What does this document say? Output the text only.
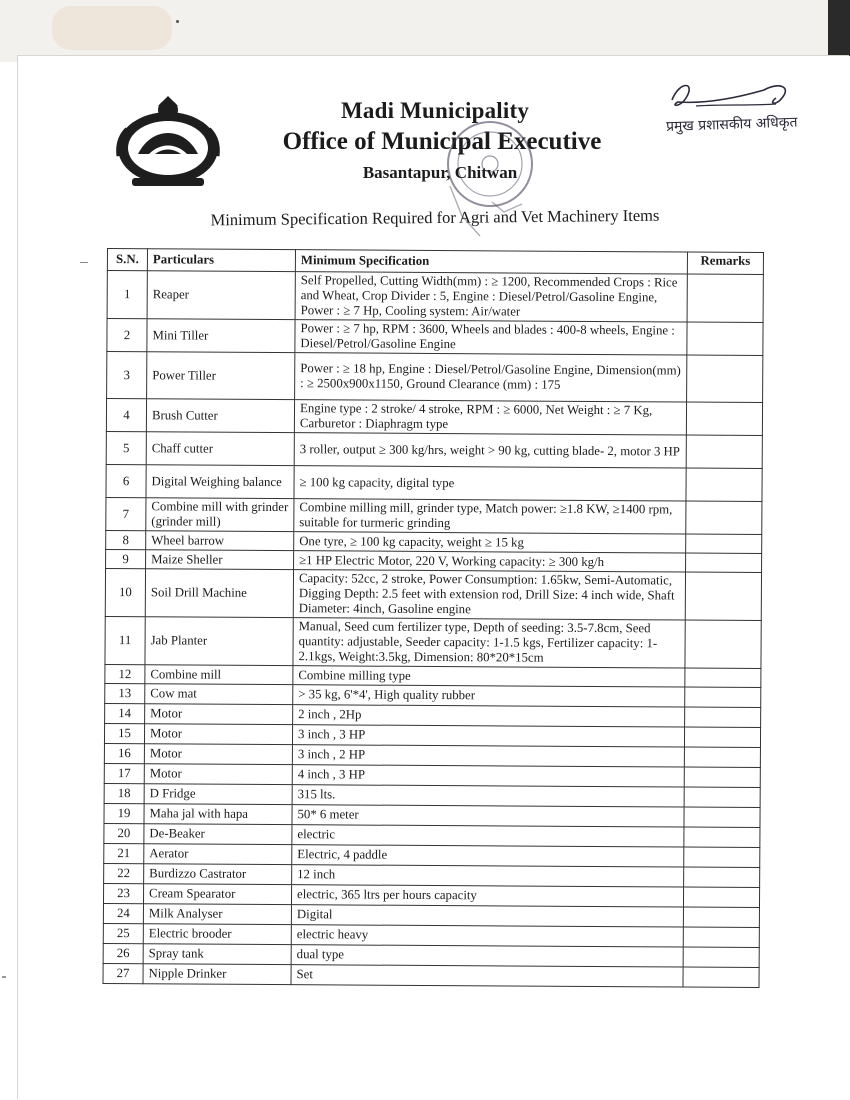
Madi Municipality
Office of Municipal Executive
Basantapur, Chitwan
Minimum Specification Required for Agri and Vet Machinery Items
प्रमुख प्रशासकीय अधिकृत
S.N.	Particulars	Minimum Specification	Remarks
1	Reaper	Self Propelled, Cutting Width(mm) : ≥ 1200, Recommended Crops : Rice and Wheat, Crop Divider : 5, Engine : Diesel/Petrol/Gasoline Engine, Power : ≥ 7 Hp, Cooling system: Air/water	
2	Mini Tiller	Power : ≥ 7 hp, RPM : 3600, Wheels and blades : 400-8 wheels, Engine : Diesel/Petrol/Gasoline Engine	
3	Power Tiller	Power : ≥ 18 hp, Engine : Diesel/Petrol/Gasoline Engine, Dimension(mm) : ≥ 2500x900x1150, Ground Clearance (mm) : 175	
4	Brush Cutter	Engine type : 2 stroke/ 4 stroke, RPM : ≥ 6000, Net Weight : ≥ 7 Kg, Carburetor : Diaphragm type	
5	Chaff cutter	3 roller, output ≥ 300 kg/hrs, weight > 90 kg, cutting blade- 2, motor 3 HP	
6	Digital Weighing balance	≥ 100 kg capacity, digital type	
7	Combine mill with grinder (grinder mill)	Combine milling mill, grinder type, Match power: ≥1.8 KW, ≥1400 rpm, suitable for turmeric grinding	
8	Wheel barrow	One tyre, ≥ 100 kg capacity, weight ≥ 15 kg	
9	Maize Sheller	≥1 HP Electric Motor, 220 V, Working capacity: ≥ 300 kg/h	
10	Soil Drill Machine	Capacity: 52cc, 2 stroke, Power Consumption: 1.65kw, Semi-Automatic, Digging Depth: 2.5 feet with extension rod, Drill Size: 4 inch wide, Shaft Diameter: 4inch, Gasoline engine	
11	Jab Planter	Manual, Seed cum fertilizer type, Depth of seeding: 3.5-7.8cm, Seed quantity: adjustable, Seeder capacity: 1-1.5 kgs, Fertilizer capacity: 1-2.1kgs, Weight:3.5kg, Dimension: 80*20*15cm	
12	Combine mill	Combine milling type	
13	Cow mat	> 35 kg, 6'*4', High quality rubber	
14	Motor	2 inch , 2Hp	
15	Motor	3 inch , 3 HP	
16	Motor	3 inch , 2 HP	
17	Motor	4 inch , 3 HP	
18	D Fridge	315 lts.	
19	Maha jal with hapa	50* 6 meter	
20	De-Beaker	electric	
21	Aerator	Electric, 4 paddle	
22	Burdizzo Castrator	12 inch	
23	Cream Spearator	electric, 365 ltrs per hours capacity	
24	Milk Analyser	Digital	
25	Electric brooder	electric heavy	
26	Spray tank	dual type	
27	Nipple Drinker	Set	
